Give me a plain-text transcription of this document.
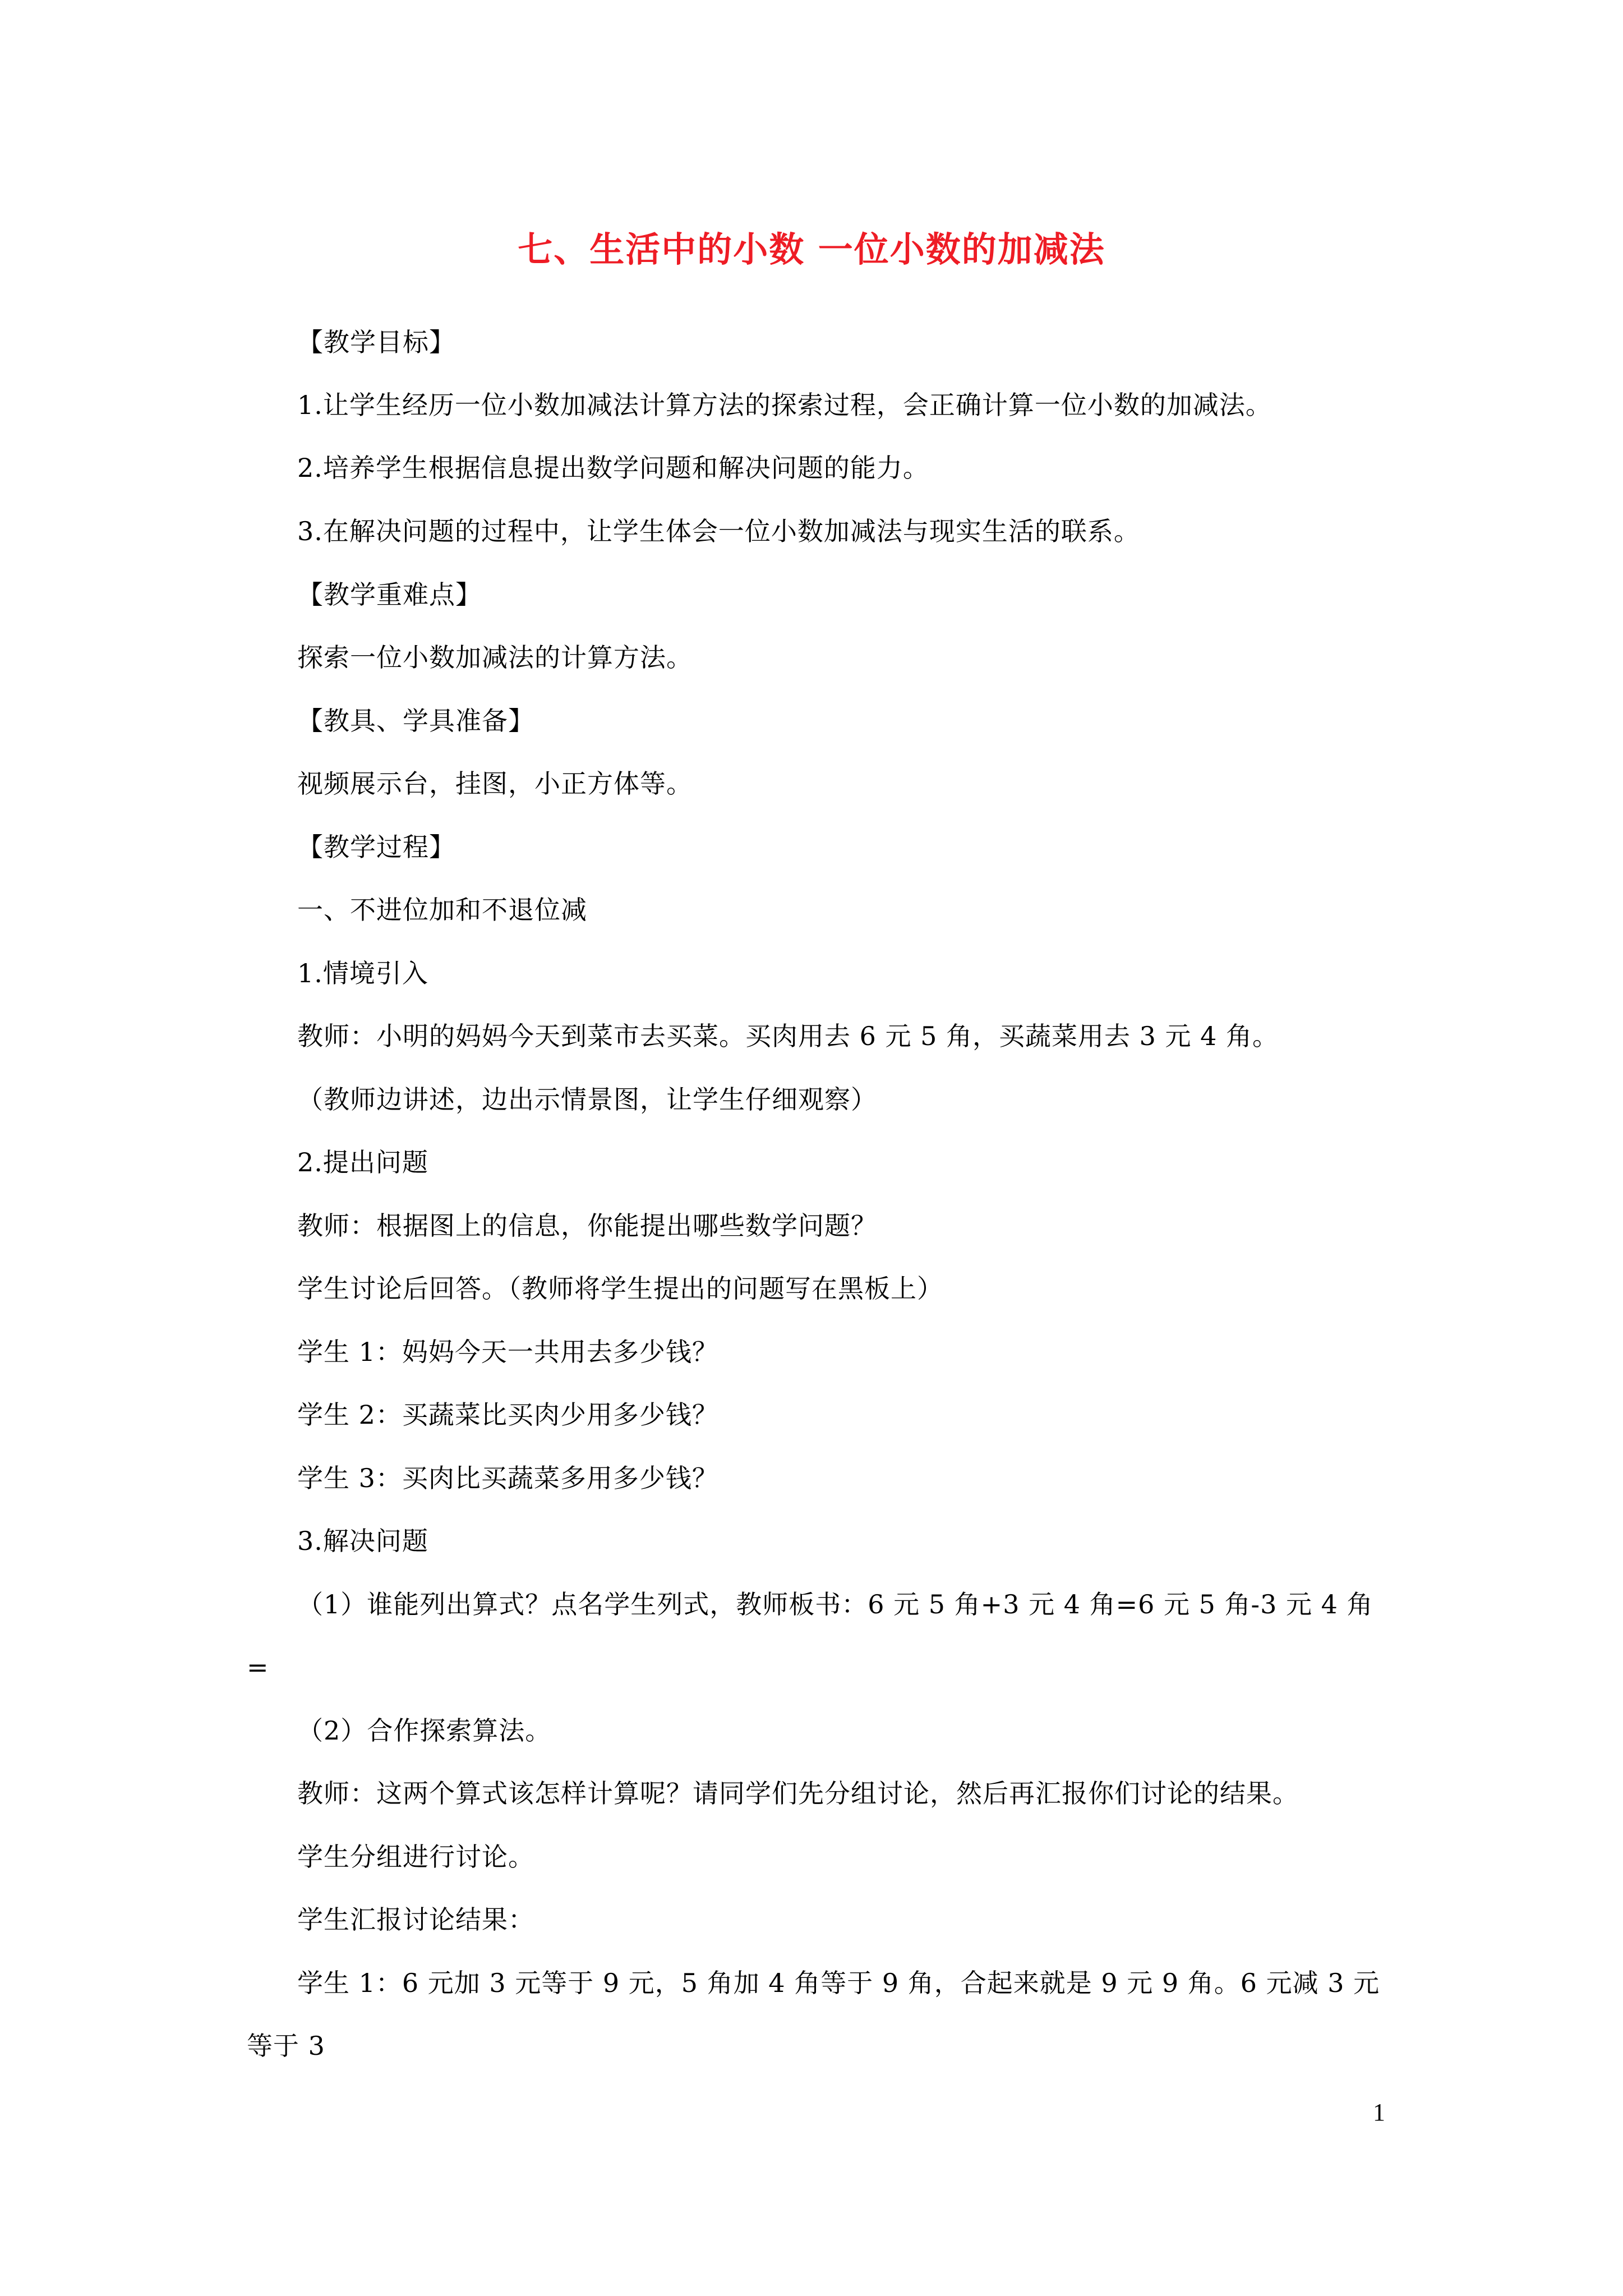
七、生活中的小数 一位小数的加减法
【教学目标】
1.让学生经历一位小数加减法计算方法的探索过程，会正确计算一位小数的加减法。
2.培养学生根据信息提出数学问题和解决问题的能力。
3.在解决问题的过程中，让学生体会一位小数加减法与现实生活的联系。
【教学重难点】
探索一位小数加减法的计算方法。
【教具、学具准备】
视频展示台，挂图，小正方体等。
【教学过程】
一、不进位加和不退位减
1.情境引入
教师：小明的妈妈今天到菜市去买菜。买肉用去 6 元 5 角，买蔬菜用去 3 元 4 角。
（教师边讲述，边出示情景图，让学生仔细观察）
2.提出问题
教师：根据图上的信息，你能提出哪些数学问题？
学生讨论后回答。（教师将学生提出的问题写在黑板上）
学生 1：妈妈今天一共用去多少钱？
学生 2：买蔬菜比买肉少用多少钱？
学生 3：买肉比买蔬菜多用多少钱？
3.解决问题
（1）谁能列出算式？点名学生列式，教师板书：6 元 5 角+3 元 4 角=6 元 5 角-3 元 4 角
=
（2）合作探索算法。
教师：这两个算式该怎样计算呢？请同学们先分组讨论，然后再汇报你们讨论的结果。
学生分组进行讨论。
学生汇报讨论结果：
学生 1：6 元加 3 元等于 9 元，5 角加 4 角等于 9 角，合起来就是 9 元 9 角。6 元减 3 元
等于 3
1
